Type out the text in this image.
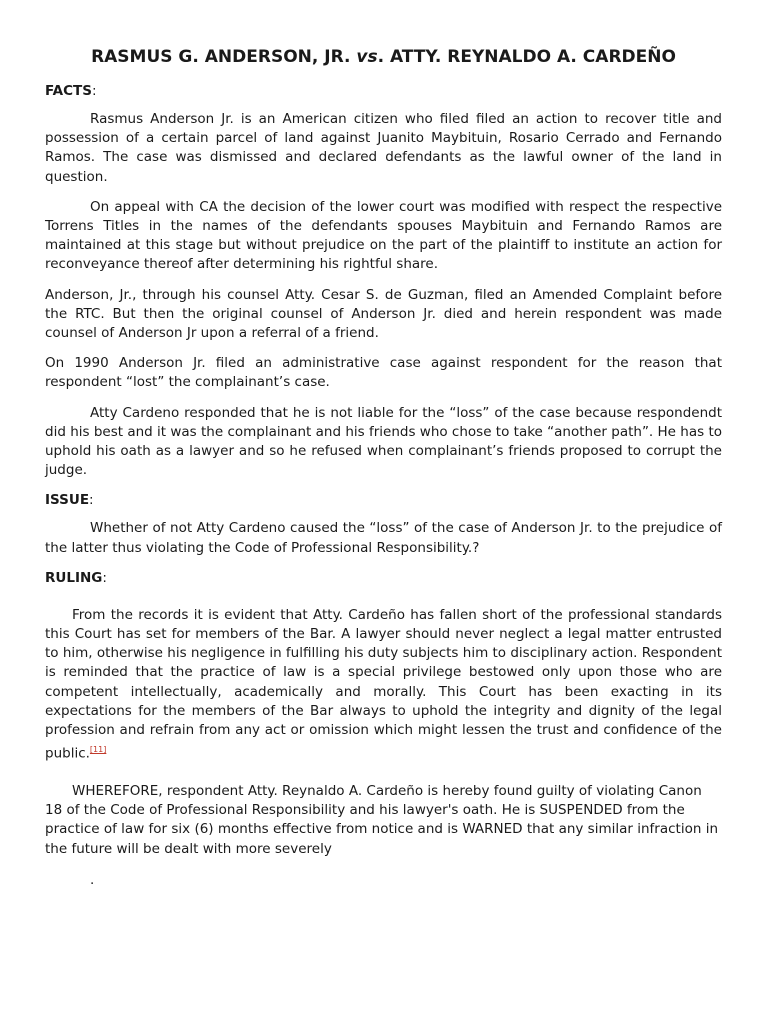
RASMUS G. ANDERSON, JR. vs. ATTY. REYNALDO A. CARDEÑO
FACTS:

Rasmus Anderson Jr. is an American citizen who filed filed an action to recover title and possession of a certain parcel of land against Juanito Maybituin, Rosario Cerrado and Fernando Ramos. The case was dismissed and declared defendants as the lawful owner of the land in question.

On appeal with CA the decision of the lower court was modified with respect the respective Torrens Titles in the names of the defendants spouses Maybituin and Fernando Ramos are maintained at this stage but without prejudice on the part of the plaintiff to institute an action for reconveyance thereof after determining his rightful share.

Anderson, Jr., through his counsel Atty. Cesar S. de Guzman, filed an Amended Complaint before the RTC. But then the original counsel of Anderson Jr. died and herein respondent was made counsel of Anderson Jr upon a referral of a friend.

On 1990 Anderson Jr. filed an administrative case against respondent for the reason that respondent “lost” the complainant’s case.

Atty Cardeno responded that he is not liable for the “loss” of the case because respondendt did his best and it was the complainant and his friends who chose to take “another path”. He has to uphold his oath as a lawyer and so he refused when complainant’s friends proposed to corrupt the judge.

ISSUE:

Whether of not Atty Cardeno caused the “loss” of the case of Anderson Jr. to the prejudice of the latter thus violating the Code of Professional Responsibility.?

RULING:

From the records it is evident that Atty. Cardeño has fallen short of the professional standards this Court has set for members of the Bar. A lawyer should never neglect a legal matter entrusted to him, otherwise his negligence in fulfilling his duty subjects him to disciplinary action. Respondent is reminded that the practice of law is a special privilege bestowed only upon those who are competent intellectually, academically and morally. This Court has been exacting in its expectations for the members of the Bar always to uphold the integrity and dignity of the legal profession and refrain from any act or omission which might lessen the trust and confidence of the public.[11]

WHEREFORE, respondent Atty. Reynaldo A. Cardeño is hereby found guilty of violating Canon 18 of the Code of Professional Responsibility and his lawyer's oath. He is SUSPENDED from the practice of law for six (6) months effective from notice and is WARNED that any similar infraction in the future will be dealt with more severely

.
